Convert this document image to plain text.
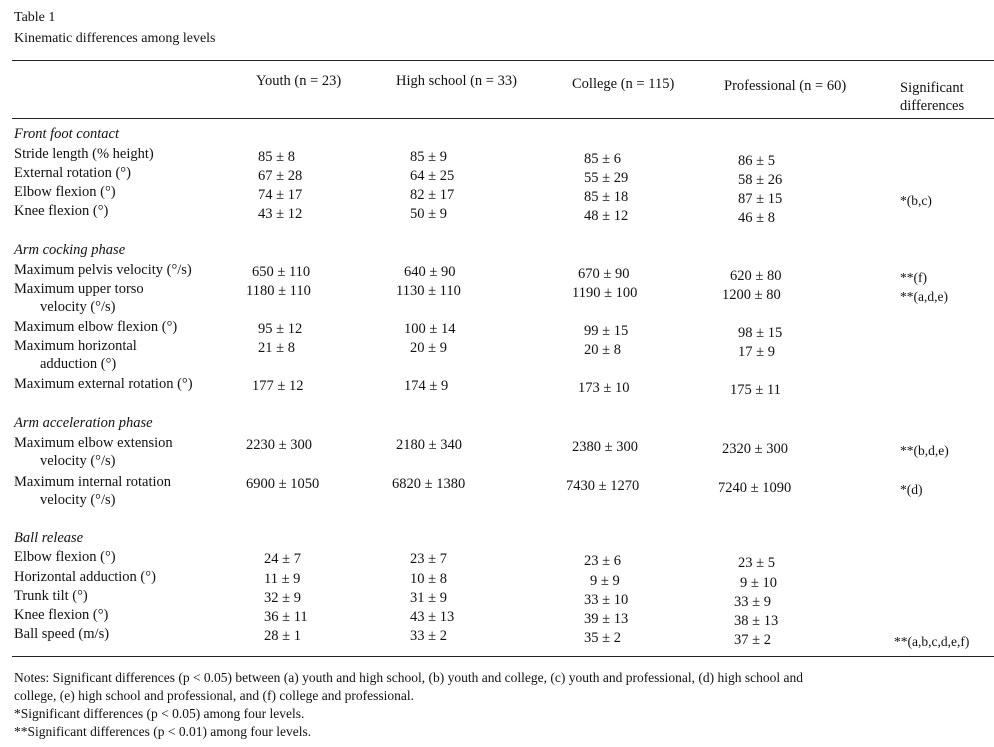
Table 1
Kinematic differences among levels
Youth (n = 23)	High school (n = 33)	College (n = 115)	Professional (n = 60)	Significant
differences
Front foot contact
Stride length (% height)	85 ± 8	85 ± 9	85 ± 6	86 ± 5
External rotation (°)	67 ± 28	64 ± 25	55 ± 29	58 ± 26
Elbow flexion (°)	74 ± 17	82 ± 17	85 ± 18	87 ± 15	*(b,c)
Knee flexion (°)	43 ± 12	50 ± 9	48 ± 12	46 ± 8
Arm cocking phase
Maximum pelvis velocity (°/s)	650 ± 110	640 ± 90	670 ± 90	620 ± 80	**(f)
Maximum upper torso
velocity (°/s)
1180 ± 110	1130 ± 110	1190 ± 100	1200 ± 80	**(a,d,e)
Maximum elbow flexion (°)	95 ± 12	100 ± 14	99 ± 15	98 ± 15
Maximum horizontal
adduction (°)
21 ± 8	20 ± 9	20 ± 8	17 ± 9
Maximum external rotation (°)	177 ± 12	174 ± 9	173 ± 10	175 ± 11
Arm acceleration phase
Maximum elbow extension
velocity (°/s)
2230 ± 300	2180 ± 340	2380 ± 300	2320 ± 300	**(b,d,e)
Maximum internal rotation
velocity (°/s)
6900 ± 1050	6820 ± 1380	7430 ± 1270	7240 ± 1090	*(d)
Ball release
Elbow flexion (°)	24 ± 7	23 ± 7	23 ± 6	23 ± 5
Horizontal adduction (°)	11 ± 9	10 ± 8	9 ± 9	9 ± 10
Trunk tilt (°)	32 ± 9	31 ± 9	33 ± 10	33 ± 9
Knee flexion (°)	36 ± 11	43 ± 13	39 ± 13	38 ± 13
Ball speed (m/s)	28 ± 1	33 ± 2	35 ± 2	37 ± 2	**(a,b,c,d,e,f)
Notes: Significant differences (p < 0.05) between (a) youth and high school, (b) youth and college, (c) youth and professional, (d) high school and
college, (e) high school and professional, and (f) college and professional.
*Significant differences (p < 0.05) among four levels.
**Significant differences (p < 0.01) among four levels.
